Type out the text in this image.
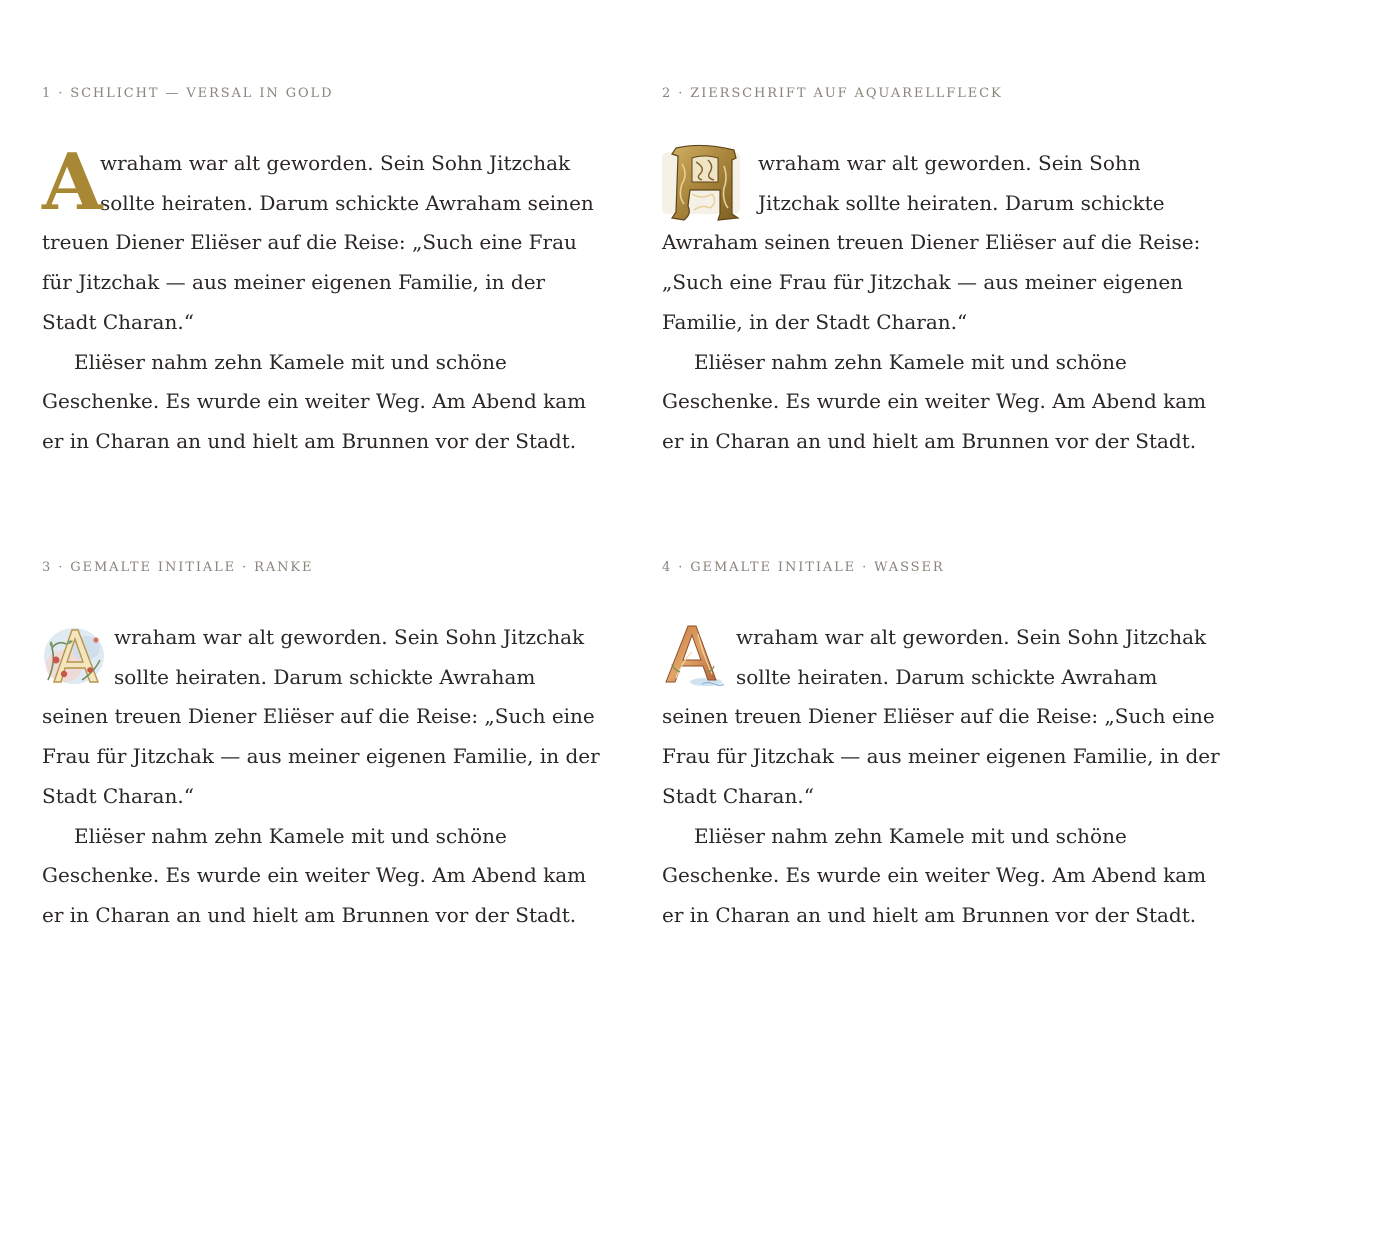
1 · SCHLICHT — VERSAL IN GOLD

A
wraham war alt geworden. Sein Sohn Jitzchak sollte heiraten. Darum schickte Awraham seinen treuen Diener Eliëser auf die Reise: „Such eine Frau für Jitzchak — aus meiner eigenen Familie, in der Stadt Charan.“

Eliëser nahm zehn Kamele mit und schöne Geschenke. Es wurde ein weiter Weg. Am Abend kam er in Charan an und hielt am Brunnen vor der Stadt.

2 · ZIERSCHRIFT AUF AQUARELLFLECK

wraham war alt geworden. Sein Sohn Jitzchak sollte heiraten. Darum schickte Awraham seinen treuen Diener Eliëser auf die Reise: „Such eine Frau für Jitzchak — aus meiner eigenen Familie, in der Stadt Charan.“

Eliëser nahm zehn Kamele mit und schöne Geschenke. Es wurde ein weiter Weg. Am Abend kam er in Charan an und hielt am Brunnen vor der Stadt.

3 · GEMALTE INITIALE · RANKE

wraham war alt geworden. Sein Sohn Jitzchak sollte heiraten. Darum schickte Awraham seinen treuen Diener Eliëser auf die Reise: „Such eine Frau für Jitzchak — aus meiner eigenen Familie, in der Stadt Charan.“

Eliëser nahm zehn Kamele mit und schöne Geschenke. Es wurde ein weiter Weg. Am Abend kam er in Charan an und hielt am Brunnen vor der Stadt.

4 · GEMALTE INITIALE · WASSER

wraham war alt geworden. Sein Sohn Jitzchak sollte heiraten. Darum schickte Awraham seinen treuen Diener Eliëser auf die Reise: „Such eine Frau für Jitzchak — aus meiner eigenen Familie, in der Stadt Charan.“

Eliëser nahm zehn Kamele mit und schöne Geschenke. Es wurde ein weiter Weg. Am Abend kam er in Charan an und hielt am Brunnen vor der Stadt.
